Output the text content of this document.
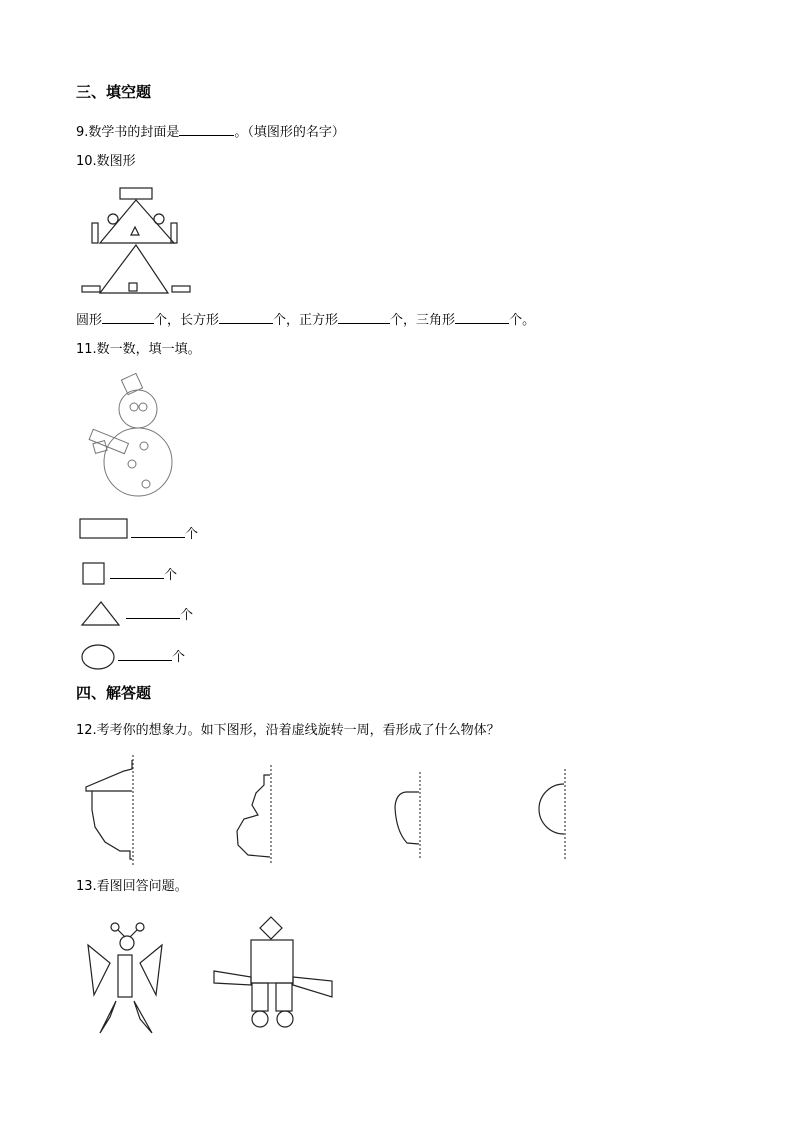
三、填空题
9.数学书的封面是	。（填图形的名字）
10.数图形
圆形	个，长方形	个，正方形	个，三角形	个。
11.数一数，填一填。
个
个
个
个
四、解答题
12.考考你的想象力。如下图形，沿着虚线旋转一周，看形成了什么物体？
13.看图回答问题。
